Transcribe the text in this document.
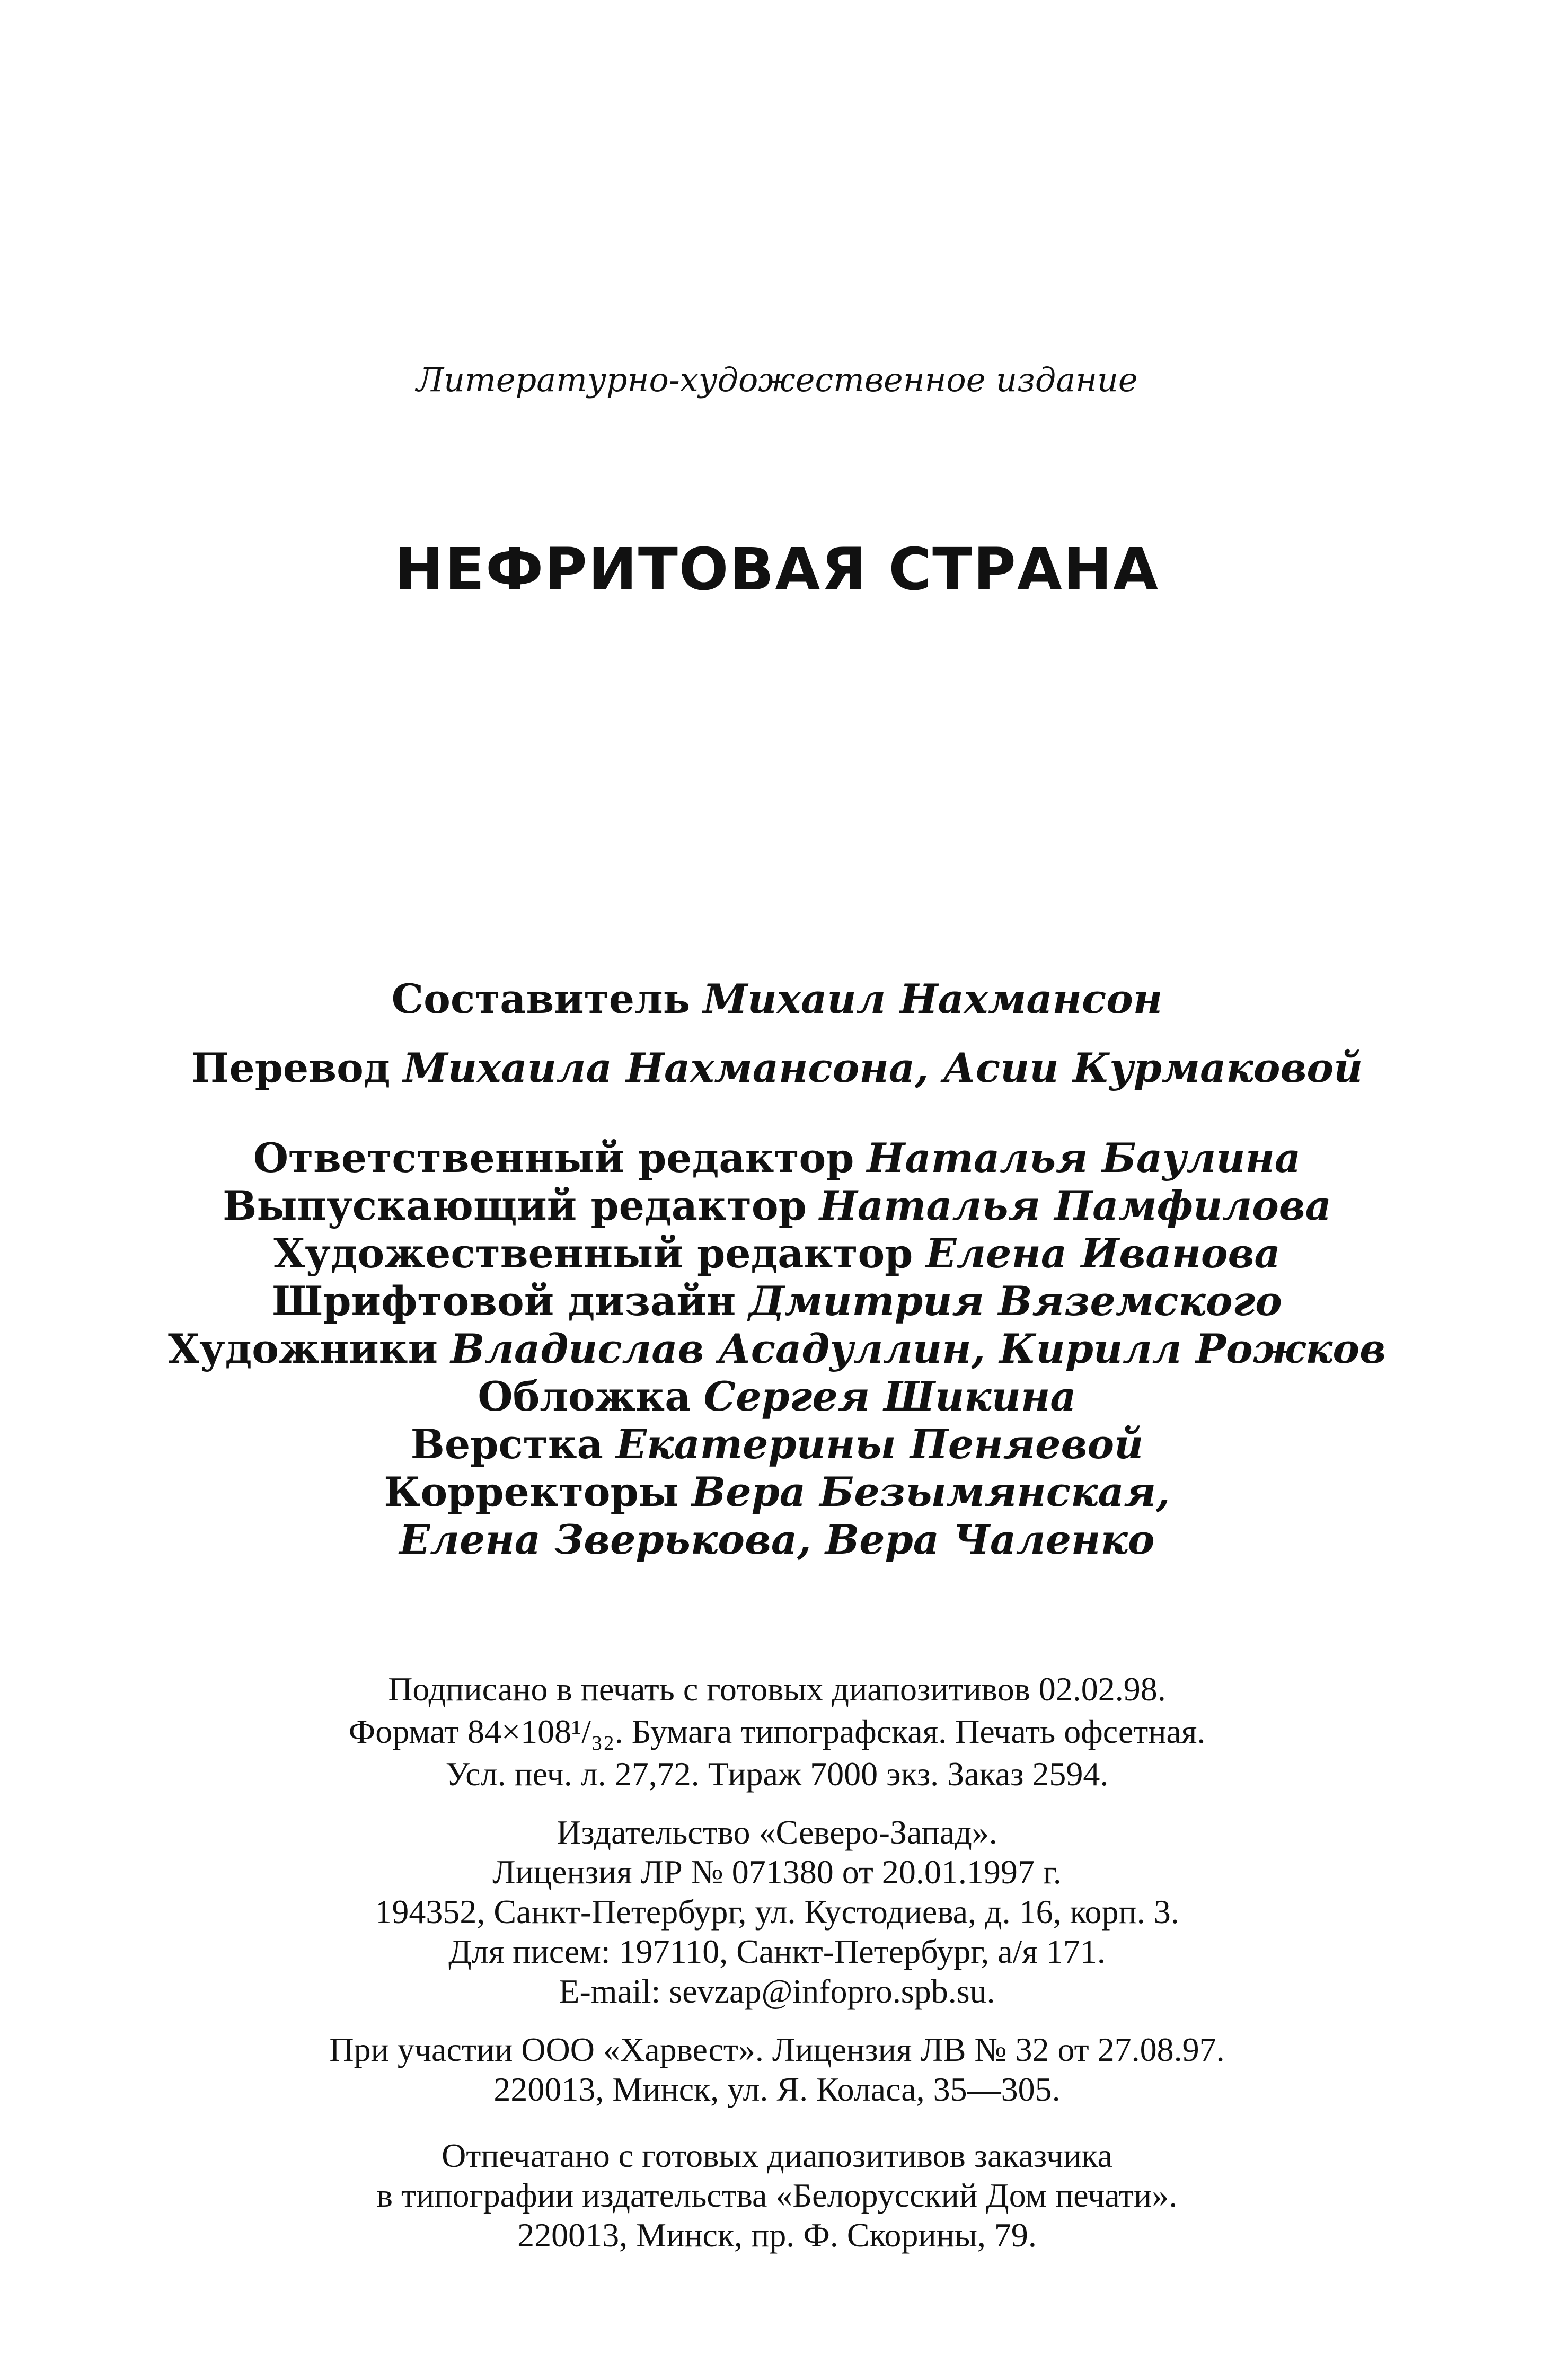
Литературно-художественное издание
НЕФРИТОВАЯ СТРАНА
Составитель Михаил Нахмансон
Перевод Михаила Нахмансона, Асии Курмаковой
Ответственный редактор Наталья Баулина
Выпускающий редактор Наталья Памфилова
Художественный редактор Елена Иванова
Шрифтовой дизайн Дмитрия Вяземского
Художники Владислав Асадуллин, Кирилл Рожков
Обложка Сергея Шикина
Верстка Екатерины Пеняевой
Корректоры Вера Безымянская,
Елена Зверькова, Вера Чаленко
Подписано в печать с готовых диапозитивов 02.02.98.
Формат 84×108¹/₃₂. Бумага типографская. Печать офсетная.
Усл. печ. л. 27,72. Тираж 7000 экз. Заказ 2594.
Издательство «Северо-Запад».
Лицензия ЛР № 071380 от 20.01.1997 г.
194352, Санкт-Петербург, ул. Кустодиева, д. 16, корп. 3.
Для писем: 197110, Санкт-Петербург, а/я 171.
E-mail: sevzap@infopro.spb.su.
При участии ООО «Харвест». Лицензия ЛВ № 32 от 27.08.97.
220013, Минск, ул. Я. Коласа, 35—305.
Отпечатано с готовых диапозитивов заказчика
в типографии издательства «Белорусский Дом печати».
220013, Минск, пр. Ф. Скорины, 79.
